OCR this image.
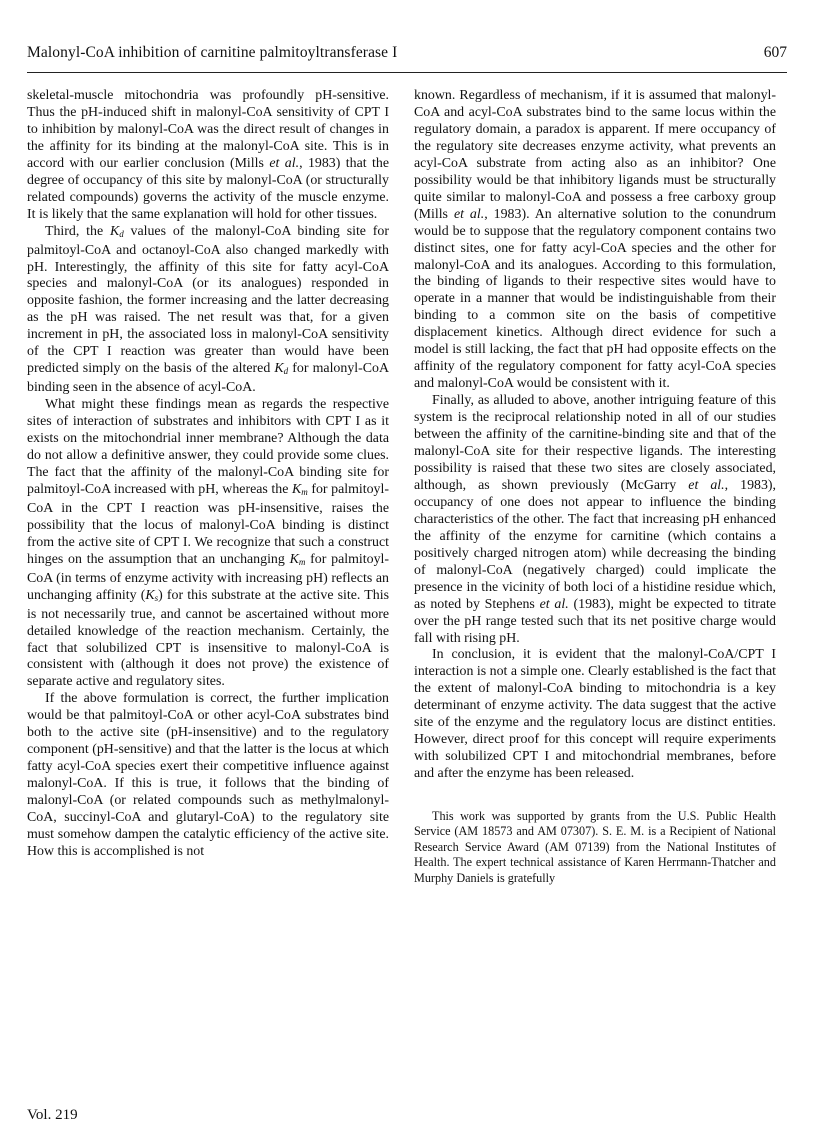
Malonyl-CoA inhibition of carnitine palmitoyltransferase I	607

skeletal-muscle mitochondria was profoundly pH-sensitive. Thus the pH-induced shift in malonyl-CoA sensitivity of CPT I to inhibition by malonyl-CoA was the direct result of changes in the affinity for its binding at the malonyl-CoA site. This is in accord with our earlier conclusion (Mills et al., 1983) that the degree of occupancy of this site by malonyl-CoA (or structurally related compounds) governs the activity of the muscle enzyme. It is likely that the same explanation will hold for other tissues.

Third, the $K_d$ values of the malonyl-CoA binding site for palmitoyl-CoA and octanoyl-CoA also changed markedly with pH. Interestingly, the affinity of this site for fatty acyl-CoA species and malonyl-CoA (or its analogues) responded in opposite fashion, the former increasing and the latter decreasing as the pH was raised. The net result was that, for a given increment in pH, the associated loss in malonyl-CoA sensitivity of the CPT I reaction was greater than would have been predicted simply on the basis of the altered $K_d$ for malonyl-CoA binding seen in the absence of acyl-CoA.

What might these findings mean as regards the respective sites of interaction of substrates and inhibitors with CPT I as it exists on the mitochondrial inner membrane? Although the data do not allow a definitive answer, they could provide some clues. The fact that the affinity of the malonyl-CoA binding site for palmitoyl-CoA increased with pH, whereas the $K_m$ for palmitoyl-CoA in the CPT I reaction was pH-insensitive, raises the possibility that the locus of malonyl-CoA binding is distinct from the active site of CPT I. We recognize that such a construct hinges on the assumption that an unchanging $K_m$ for palmitoyl-CoA (in terms of enzyme activity with increasing pH) reflects an unchanging affinity $(K_s)$ for this substrate at the active site. This is not necessarily true, and cannot be ascertained without more detailed knowledge of the reaction mechanism. Certainly, the fact that solubilized CPT is insensitive to malonyl-CoA is consistent with (although it does not prove) the existence of separate active and regulatory sites.

If the above formulation is correct, the further implication would be that palmitoyl-CoA or other acyl-CoA substrates bind both to the active site (pH-insensitive) and to the regulatory component (pH-sensitive) and that the latter is the locus at which fatty acyl-CoA species exert their competitive influence against malonyl-CoA. If this is true, it follows that the binding of malonyl-CoA (or related compounds such as methylmalonyl-CoA, succinyl-CoA and glutaryl-CoA) to the regulatory site must somehow dampen the catalytic efficiency of the active site. How this is accomplished is not

known. Regardless of mechanism, if it is assumed that malonyl-CoA and acyl-CoA substrates bind to the same locus within the regulatory domain, a paradox is apparent. If mere occupancy of the regulatory site decreases enzyme activity, what prevents an acyl-CoA substrate from acting also as an inhibitor? One possibility would be that inhibitory ligands must be structurally quite similar to malonyl-CoA and possess a free carboxy group (Mills et al., 1983). An alternative solution to the conundrum would be to suppose that the regulatory component contains two distinct sites, one for fatty acyl-CoA species and the other for malonyl-CoA and its analogues. According to this formulation, the binding of ligands to their respective sites would have to operate in a manner that would be indistinguishable from their binding to a common site on the basis of competitive displacement kinetics. Although direct evidence for such a model is still lacking, the fact that pH had opposite effects on the affinity of the regulatory component for fatty acyl-CoA species and malonyl-CoA would be consistent with it.

Finally, as alluded to above, another intriguing feature of this system is the reciprocal relationship noted in all of our studies between the affinity of the carnitine-binding site and that of the malonyl-CoA site for their respective ligands. The interesting possibility is raised that these two sites are closely associated, although, as shown previously (McGarry et al., 1983), occupancy of one does not appear to influence the binding characteristics of the other. The fact that increasing pH enhanced the affinity of the enzyme for carnitine (which contains a positively charged nitrogen atom) while decreasing the binding of malonyl-CoA (negatively charged) could implicate the presence in the vicinity of both loci of a histidine residue which, as noted by Stephens et al. (1983), might be expected to titrate over the pH range tested such that its net positive charge would fall with rising pH.

In conclusion, it is evident that the malonyl-CoA/CPT I interaction is not a simple one. Clearly established is the fact that the extent of malonyl-CoA binding to mitochondria is a key determinant of enzyme activity. The data suggest that the active site of the enzyme and the regulatory locus are distinct entities. However, direct proof for this concept will require experiments with solubilized CPT I and mitochondrial membranes, before and after the enzyme has been released.

This work was supported by grants from the U.S. Public Health Service (AM 18573 and AM 07307). S. E. M. is a Recipient of National Research Service Award (AM 07139) from the National Institutes of Health. The expert technical assistance of Karen Herrmann-Thatcher and Murphy Daniels is gratefully

Vol. 219
